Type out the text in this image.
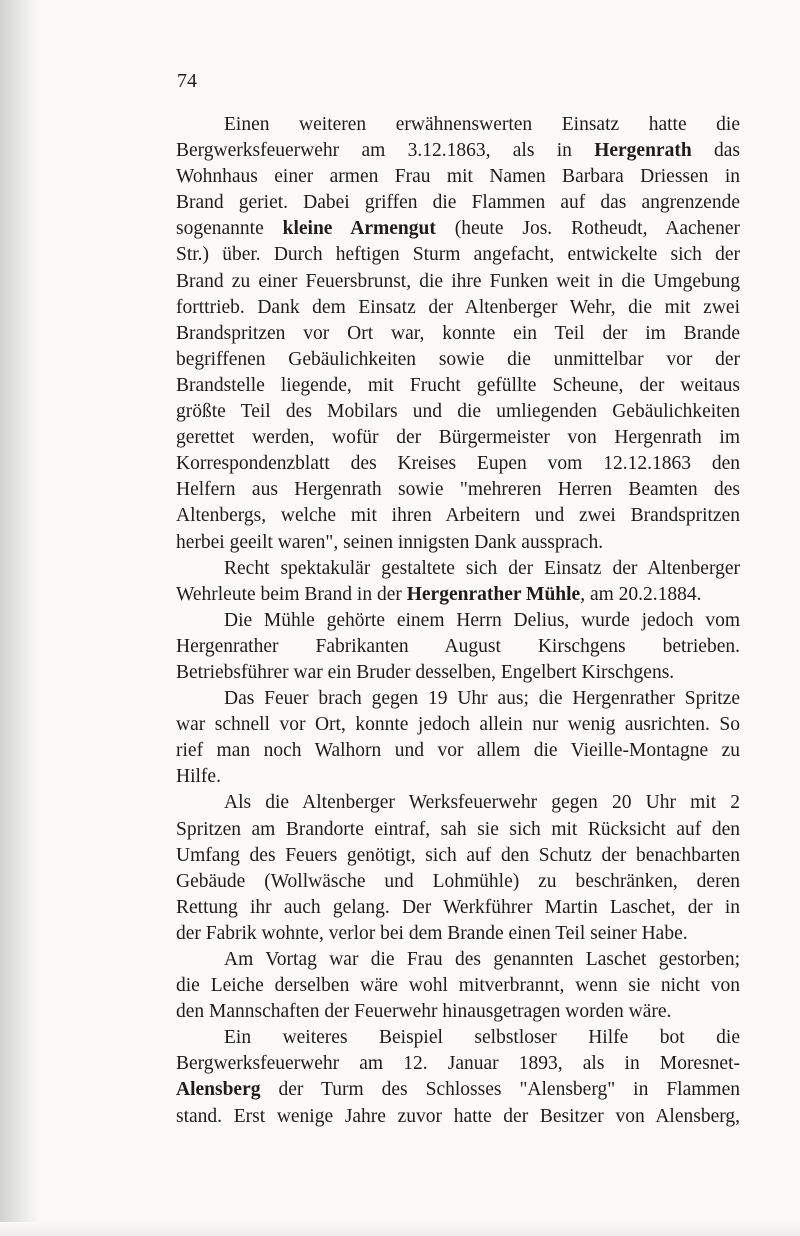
74
Einen weiteren erwähnenswerten Einsatz hatte die
Bergwerksfeuerwehr am 3.12.1863, als in Hergenrath das
Wohnhaus einer armen Frau mit Namen Barbara Driessen in
Brand geriet. Dabei griffen die Flammen auf das angrenzende
sogenannte kleine Armengut (heute Jos. Rotheudt, Aachener
Str.) über. Durch heftigen Sturm angefacht, entwickelte sich der
Brand zu einer Feuersbrunst, die ihre Funken weit in die Umgebung
forttrieb. Dank dem Einsatz der Altenberger Wehr, die mit zwei
Brandspritzen vor Ort war, konnte ein Teil der im Brande
begriffenen Gebäulichkeiten sowie die unmittelbar vor der
Brandstelle liegende, mit Frucht gefüllte Scheune, der weitaus
größte Teil des Mobilars und die umliegenden Gebäulichkeiten
gerettet werden, wofür der Bürgermeister von Hergenrath im
Korrespondenzblatt des Kreises Eupen vom 12.12.1863 den
Helfern aus Hergenrath sowie "mehreren Herren Beamten des
Altenbergs, welche mit ihren Arbeitern und zwei Brandspritzen
herbei geeilt waren", seinen innigsten Dank aussprach.
Recht spektakulär gestaltete sich der Einsatz der Altenberger
Wehrleute beim Brand in der Hergenrather Mühle, am 20.2.1884.
Die Mühle gehörte einem Herrn Delius, wurde jedoch vom
Hergenrather Fabrikanten August Kirschgens betrieben.
Betriebsführer war ein Bruder desselben, Engelbert Kirschgens.
Das Feuer brach gegen 19 Uhr aus; die Hergenrather Spritze
war schnell vor Ort, konnte jedoch allein nur wenig ausrichten. So
rief man noch Walhorn und vor allem die Vieille-Montagne zu
Hilfe.
Als die Altenberger Werksfeuerwehr gegen 20 Uhr mit 2
Spritzen am Brandorte eintraf, sah sie sich mit Rücksicht auf den
Umfang des Feuers genötigt, sich auf den Schutz der benachbarten
Gebäude (Wollwäsche und Lohmühle) zu beschränken, deren
Rettung ihr auch gelang. Der Werkführer Martin Laschet, der in
der Fabrik wohnte, verlor bei dem Brande einen Teil seiner Habe.
Am Vortag war die Frau des genannten Laschet gestorben;
die Leiche derselben wäre wohl mitverbrannt, wenn sie nicht von
den Mannschaften der Feuerwehr hinausgetragen worden wäre.
Ein weiteres Beispiel selbstloser Hilfe bot die
Bergwerksfeuerwehr am 12. Januar 1893, als in Moresnet-
Alensberg der Turm des Schlosses "Alensberg" in Flammen
stand. Erst wenige Jahre zuvor hatte der Besitzer von Alensberg,
